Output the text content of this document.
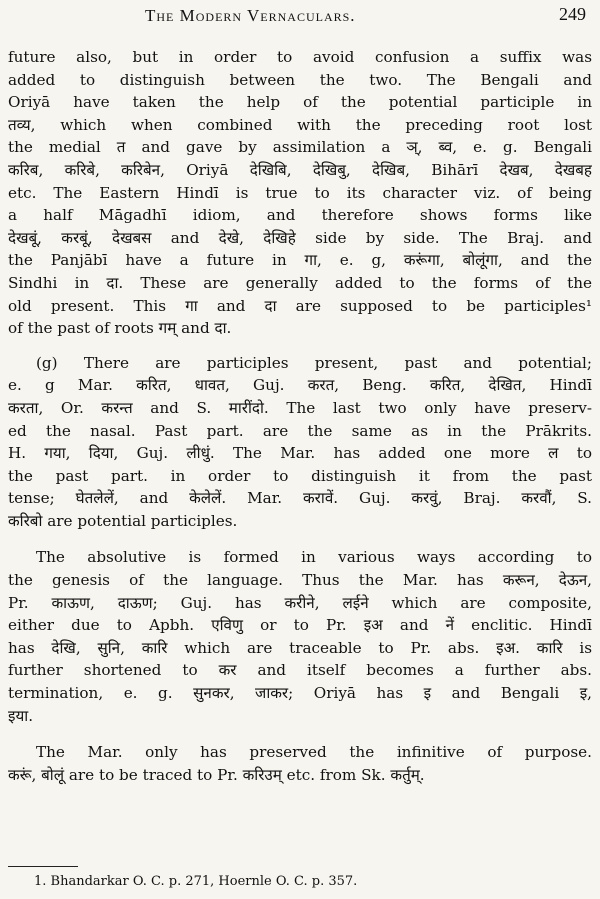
The Modern Vernaculars.	249
future also, but in order to avoid confusion a suffix was
added to distinguish between the two. The Bengali and
Oriyā have taken the help of the potential participle in
तव्य, which when combined with the preceding root lost
the medial त and gave by assimilation a ञ्, ब्व, e. g. Bengali
करिब, करिबे, करिबेन, Oriyā देखिबि, देखिबु, देखिब, Bihārī देखब, देखबह
etc. The Eastern Hindī is true to its character viz. of being
a half Māgadhī idiom, and therefore shows forms like
देखबूं, करबूं, देखबस and देखे, देखिहे side by side. The Braj. and
the Panjābī have a future in गा, e. g, करूंगा, बोलूंगा, and the
Sindhi in दा. These are generally added to the forms of the
old present. This गा and दा are supposed to be participles¹
of the past of roots गम् and दा.
(g) There are participles present, past and potential;
e. g Mar. करित, धावत, Guj. करत, Beng. करित, देखित, Hindī
करता, Or. करन्त and S. मारींदो. The last two only have preserv-
ed the nasal. Past part. are the same as in the Prākrits.
H. गया, दिया, Guj. लीधुं. The Mar. has added one more ल to
the past part. in order to distinguish it from the past
tense; घेतलेलें, and केलेलें. Mar. करावें. Guj. करवुं, Braj. करवौं, S.
करिबो are potential participles.
The absolutive is formed in various ways according to
the genesis of the language. Thus the Mar. has करून, देऊन,
Pr. काऊण, दाऊण; Guj. has करीने, लईने which are composite,
either due to Apbh. एविणु or to Pr. इअ and नें enclitic. Hindī
has देखि, सुनि, कारि which are traceable to Pr. abs. इअ. कारि is
further shortened to कर and itself becomes a further abs.
termination, e. g. सुनकर, जाकर; Oriyā has इ and Bengali इ,
इया.
The Mar. only has preserved the infinitive of purpose.
करूं, बोलूं are to be traced to Pr. करिउम् etc. from Sk. कर्तुम्.
1. Bhandarkar O. C. p. 271, Hoernle O. C. p. 357.
